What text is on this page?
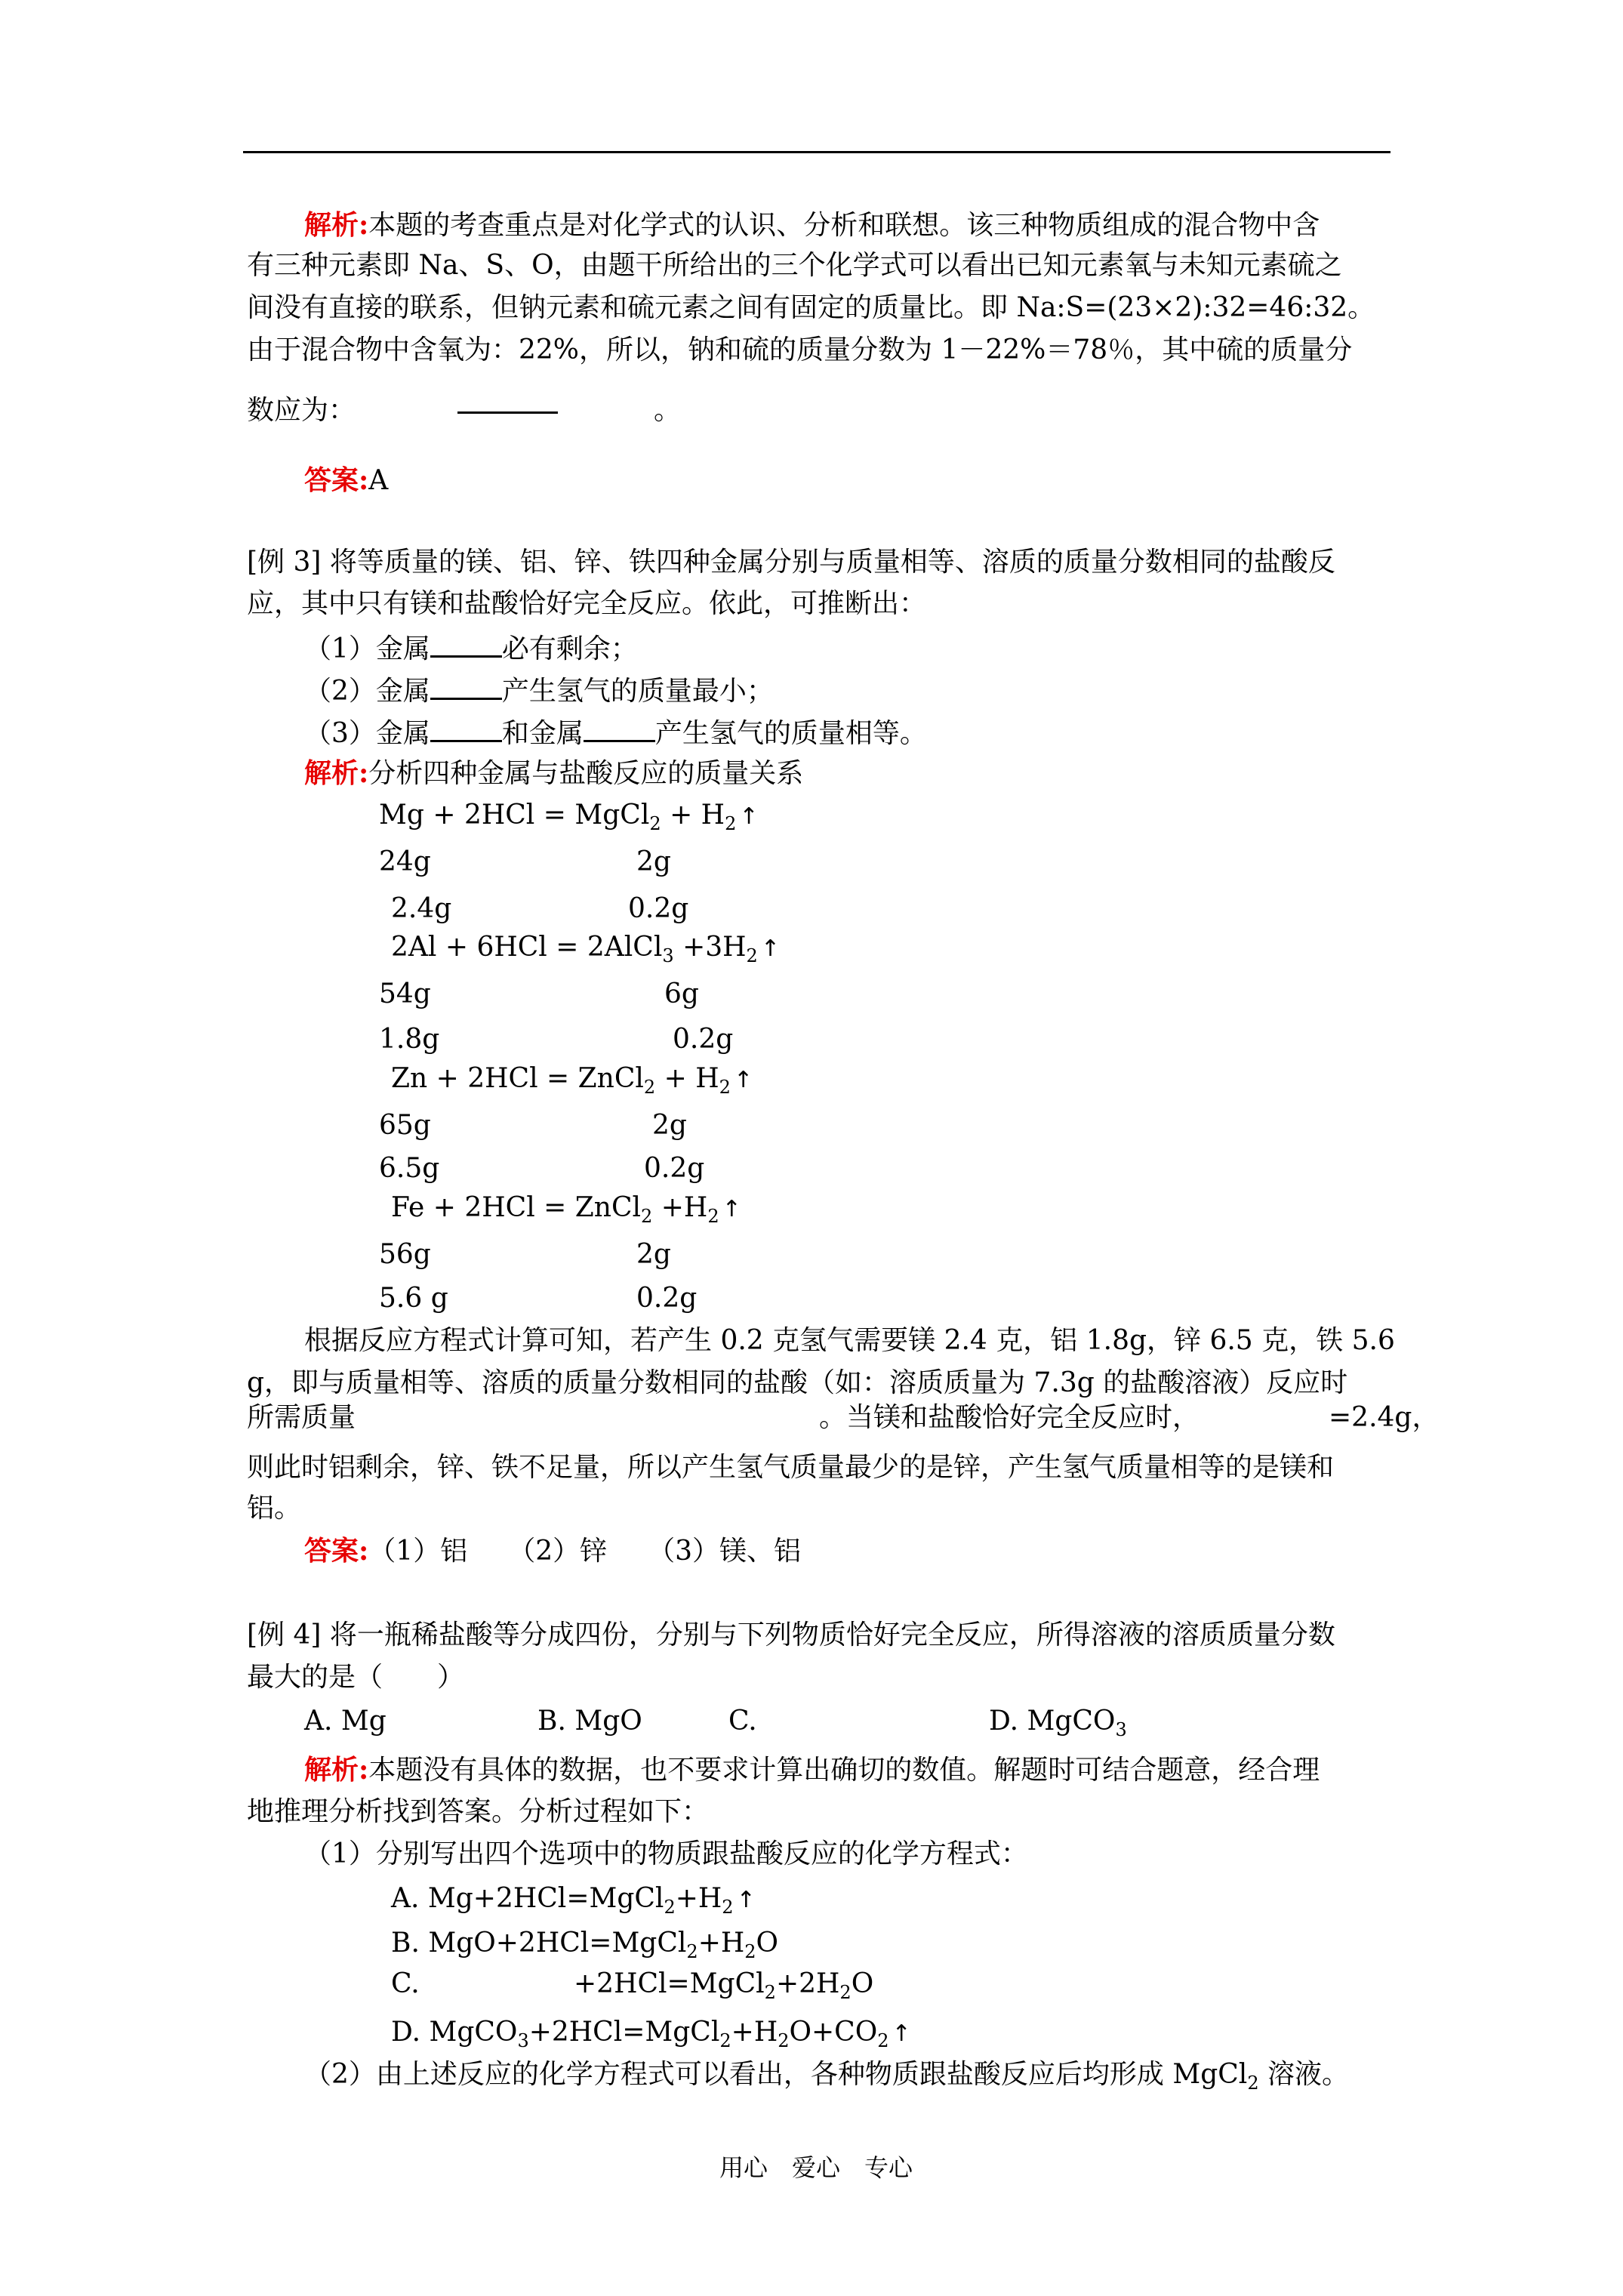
解析:本题的考查重点是对化学式的认识、分析和联想。该三种物质组成的混合物中含
有三种元素即 Na、S、O，由题干所给出的三个化学式可以看出已知元素氧与未知元素硫之
间没有直接的联系，但钠元素和硫元素之间有固定的质量比。即 Na:S=(23×2):32=46:32。
由于混合物中含氧为：22%，所以，钠和硫的质量分数为 1－22%＝78％，其中硫的质量分
数应为：	。
答案:A
[例 3] 将等质量的镁、铝、锌、铁四种金属分别与质量相等、溶质的质量分数相同的盐酸反
应，其中只有镁和盐酸恰好完全反应。依此，可推断出：
（1）金属	必有剩余；
（2）金属	产生氢气的质量最小；
（3）金属	和金属	产生氢气的质量相等。
解析:分析四种金属与盐酸反应的质量关系
Mg + 2HCl = MgCl$_2$ + $H_2$ ↑
24g	2g
2.4g	0.2g
2Al + 6HCl = 2AlCl$_3$ $+3H_2$ ↑
54g	6g
1.8g	0.2g
Zn + 2HCl = ZnCl$_2$ + $H_2$ ↑
65g	2g
6.5g	0.2g
Fe + 2HCl = ZnCl$_2$ $+H_2$ ↑
56g	2g
5.6 g	0.2g
根据反应方程式计算可知，若产生 0.2 克氢气需要镁 2.4 克，铝 1.8g，锌 6.5 克，铁 5.6
g，即与质量相等、溶质的质量分数相同的盐酸（如：溶质质量为 7.3g 的盐酸溶液）反应时
所需质量	。当镁和盐酸恰好完全反应时，	=2.4g，
则此时铝剩余，锌、铁不足量，所以产生氢气质量最少的是锌，产生氢气质量相等的是镁和
铝。
答案:（1）铝　　（2）锌　　（3）镁、铝
[例 4] 将一瓶稀盐酸等分成四份，分别与下列物质恰好完全反应，所得溶液的溶质质量分数
最大的是（　　）
A. Mg	B. MgO	C.	D. MgCO$_3$
解析:本题没有具体的数据，也不要求计算出确切的数值。解题时可结合题意，经合理
地推理分析找到答案。分析过程如下：
（1）分别写出四个选项中的物质跟盐酸反应的化学方程式：
A. $Mg+2HCl=MgCl_2+H_2$ ↑
B. $MgO+2HCl=MgCl_2+H_2O$
C.	$+2HCl=MgCl_2+2H_2O$
D. $MgCO_3+2HCl=MgCl_2+H_2O+CO_2$ ↑
（2）由上述反应的化学方程式可以看出，各种物质跟盐酸反应后均形成 MgCl$_2$ 溶液。
用心　爱心　专心
